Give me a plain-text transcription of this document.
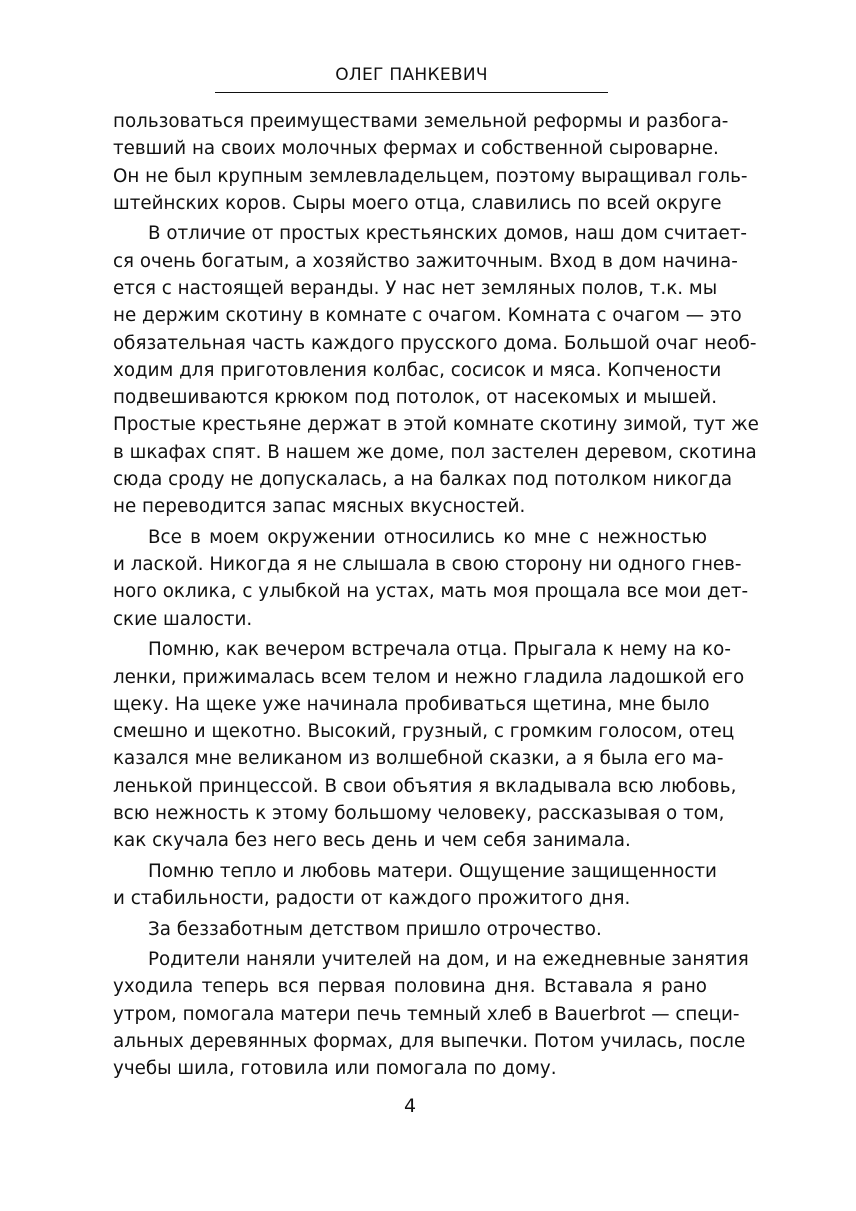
ОЛЕГ ПАНКЕВИЧ
пользоваться преимуществами земельной реформы и разбога-
тевший на своих молочных фермах и собственной сыроварне.
Он не был крупным землевладельцем, поэтому выращивал голь-
штейнских коров. Сыры моего отца, славились по всей округе
В отличие от простых крестьянских домов, наш дом считает-
ся очень богатым, а хозяйство зажиточным. Вход в дом начина-
ется с настоящей веранды. У нас нет земляных полов, т.к. мы
не держим скотину в комнате с очагом. Комната с очагом — это
обязательная часть каждого прусского дома. Большой очаг необ-
ходим для приготовления колбас, сосисок и мяса. Копчености
подвешиваются крюком под потолок, от насекомых и мышей.
Простые крестьяне держат в этой комнате скотину зимой, тут же
в шкафах спят. В нашем же доме, пол застелен деревом, скотина
сюда сроду не допускалась, а на балках под потолком никогда
не переводится запас мясных вкусностей.
Все в моем окружении относились ко мне с нежностью
и лаской. Никогда я не слышала в свою сторону ни одного гнев-
ного оклика, с улыбкой на устах, мать моя прощала все мои дет-
ские шалости.
Помню, как вечером встречала отца. Прыгала к нему на ко-
ленки, прижималась всем телом и нежно гладила ладошкой его
щеку. На щеке уже начинала пробиваться щетина, мне было
смешно и щекотно. Высокий, грузный, с громким голосом, отец
казался мне великаном из волшебной сказки, а я была его ма-
ленькой принцессой. В свои объятия я вкладывала всю любовь,
всю нежность к этому большому человеку, рассказывая о том,
как скучала без него весь день и чем себя занимала.
Помню тепло и любовь матери. Ощущение защищенности
и стабильности, радости от каждого прожитого дня.
За беззаботным детством пришло отрочество.
Родители наняли учителей на дом, и на ежедневные занятия
уходила теперь вся первая половина дня. Вставала я рано
утром, помогала матери печь темный хлеб в Bauerbrot — специ-
альных деревянных формах, для выпечки. Потом училась, после
учебы шила, готовила или помогала по дому.
4
